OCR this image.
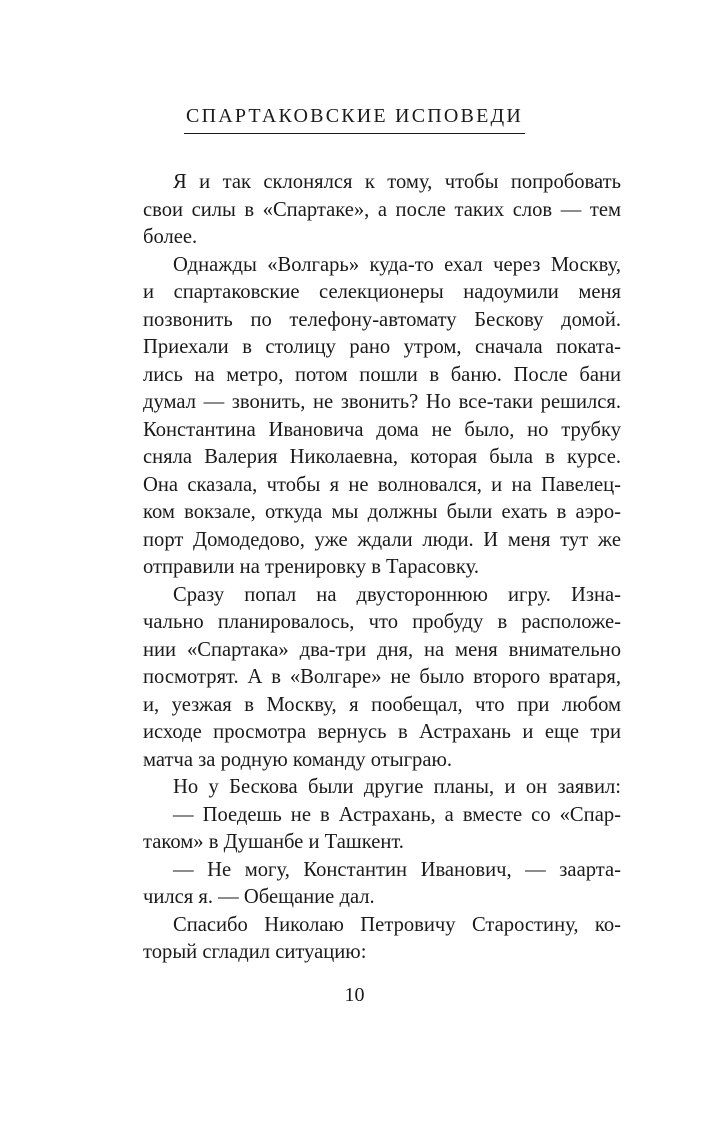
СПАРТАКОВСКИЕ ИСПОВЕДИ
Я и так склонялся к тому, чтобы попробовать
свои силы в «Спартаке», а после таких слов — тем
более.
Однажды «Волгарь» куда-то ехал через Москву,
и спартаковские селекционеры надоумили меня
позвонить по телефону-автомату Бескову домой.
Приехали в столицу рано утром, сначала поката-
лись на метро, потом пошли в баню. После бани
думал — звонить, не звонить? Но все-таки решился.
Константина Ивановича дома не было, но трубку
сняла Валерия Николаевна, которая была в курсе.
Она сказала, чтобы я не волновался, и на Павелец-
ком вокзале, откуда мы должны были ехать в аэро-
порт Домодедово, уже ждали люди. И меня тут же
отправили на тренировку в Тарасовку.
Сразу попал на двустороннюю игру. Изна-
чально планировалось, что пробуду в расположе-
нии «Спартака» два-три дня, на меня внимательно
посмотрят. А в «Волгаре» не было второго вратаря,
и, уезжая в Москву, я пообещал, что при любом
исходе просмотра вернусь в Астрахань и еще три
матча за родную команду отыграю.
Но у Бескова были другие планы, и он заявил:
— Поедешь не в Астрахань, а вместе со «Спар-
таком» в Душанбе и Ташкент.
— Не могу, Константин Иванович, — заарта-
чился я. — Обещание дал.
Спасибо Николаю Петровичу Старостину, ко-
торый сгладил ситуацию:
10
